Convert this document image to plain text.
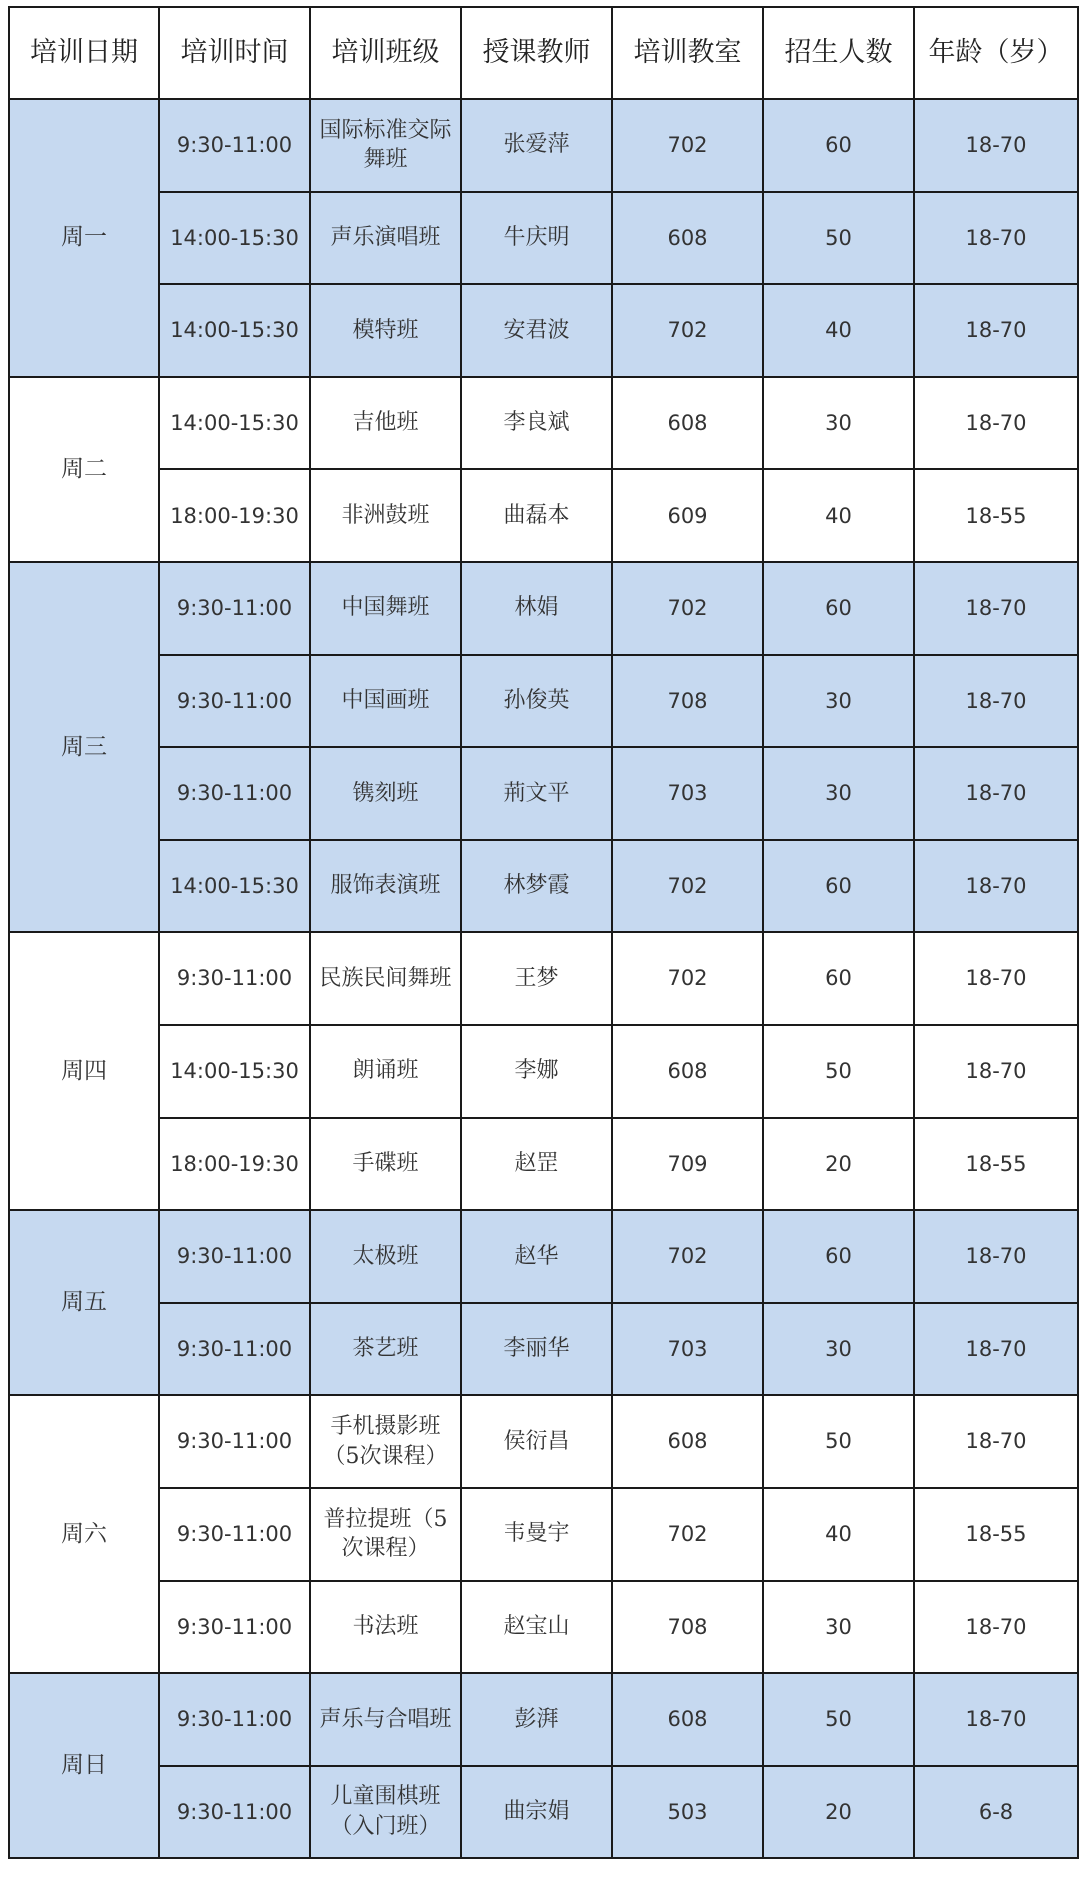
培训日期	培训时间	培训班级	授课教师	培训教室	招生人数	年龄（岁）
周一	9:30-11:00	国际标准交际舞班	张爱萍	702	60	18-70
	14:00-15:30	声乐演唱班	牛庆明	608	50	18-70
	14:00-15:30	模特班	安君波	702	40	18-70
周二	14:00-15:30	吉他班	李良斌	608	30	18-70
	18:00-19:30	非洲鼓班	曲磊本	609	40	18-55
周三	9:30-11:00	中国舞班	林娟	702	60	18-70
	9:30-11:00	中国画班	孙俊英	708	30	18-70
	9:30-11:00	镌刻班	荊文平	703	30	18-70
	14:00-15:30	服饰表演班	林梦霞	702	60	18-70
周四	9:30-11:00	民族民间舞班	王梦	702	60	18-70
	14:00-15:30	朗诵班	李娜	608	50	18-70
	18:00-19:30	手碟班	赵罡	709	20	18-55
周五	9:30-11:00	太极班	赵华	702	60	18-70
	9:30-11:00	茶艺班	李丽华	703	30	18-70
周六	9:30-11:00	手机摄影班（5次课程）	侯衍昌	608	50	18-70
	9:30-11:00	普拉提班（5次课程）	韦曼宇	702	40	18-55
	9:30-11:00	书法班	赵宝山	708	30	18-70
周日	9:30-11:00	声乐与合唱班	彭湃	608	50	18-70
	9:30-11:00	儿童围棋班（入门班）	曲宗娟	503	20	6-8
